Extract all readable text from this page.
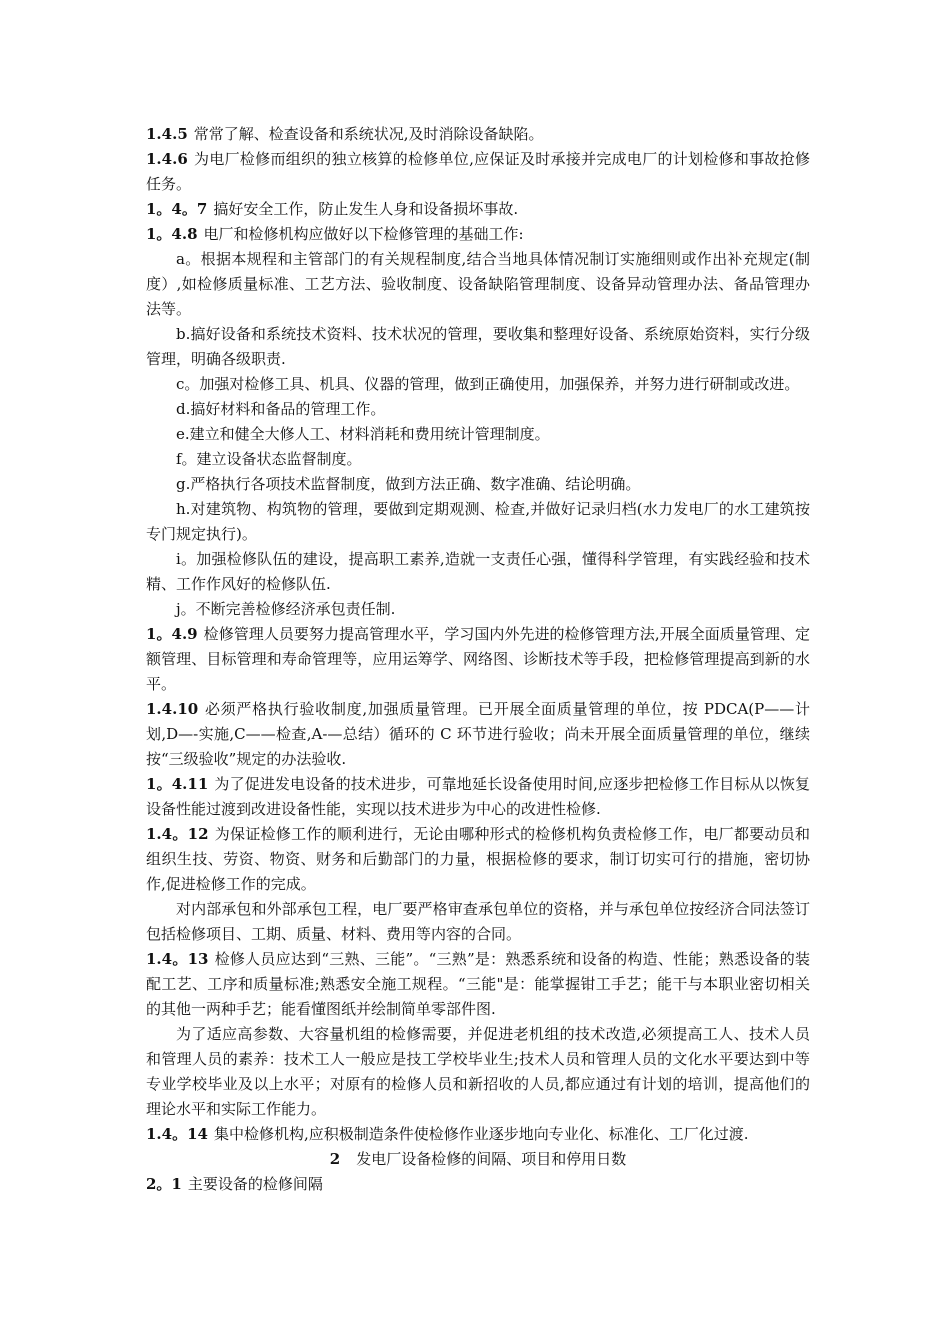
1.4.5 常常了解、检查设备和系统状况,及时消除设备缺陷。

1.4.6 为电厂检修而组织的独立核算的检修单位,应保证及时承接并完成电厂的计划检修和事故抢修任务。

1。4。7 搞好安全工作，防止发生人身和设备损坏事故.

1。4.8 电厂和检修机构应做好以下检修管理的基础工作:

a。根据本规程和主管部门的有关规程制度,结合当地具体情况制订实施细则或作出补充规定(制度）,如检修质量标准、工艺方法、验收制度、设备缺陷管理制度、设备异动管理办法、备品管理办法等。

b.搞好设备和系统技术资料、技术状况的管理，要收集和整理好设备、系统原始资料，实行分级管理，明确各级职责.

c。加强对检修工具、机具、仪器的管理，做到正确使用，加强保养，并努力进行研制或改进。

d.搞好材料和备品的管理工作。

e.建立和健全大修人工、材料消耗和费用统计管理制度。

f。建立设备状态监督制度。

g.严格执行各项技术监督制度，做到方法正确、数字准确、结论明确。

h.对建筑物、构筑物的管理，要做到定期观测、检查,并做好记录归档(水力发电厂的水工建筑按专门规定执行)。

i。加强检修队伍的建设，提高职工素养,造就一支责任心强，懂得科学管理，有实践经验和技术精、工作作风好的检修队伍.

j。不断完善检修经济承包责任制.

1。4.9 检修管理人员要努力提高管理水平，学习国内外先进的检修管理方法,开展全面质量管理、定额管理、目标管理和寿命管理等，应用运筹学、网络图、诊断技术等手段，把检修管理提高到新的水平。

1.4.10 必须严格执行验收制度,加强质量管理。已开展全面质量管理的单位，按 PDCA(P——计划,D—-实施,C——检查,A-—总结）循环的 C 环节进行验收；尚未开展全面质量管理的单位，继续按“三级验收”规定的办法验收.

1。4.11 为了促进发电设备的技术进步，可靠地延长设备使用时间,应逐步把检修工作目标从以恢复设备性能过渡到改进设备性能，实现以技术进步为中心的改进性检修.

1.4。12 为保证检修工作的顺利进行，无论由哪种形式的检修机构负责检修工作，电厂都要动员和组织生技、劳资、物资、财务和后勤部门的力量，根据检修的要求，制订切实可行的措施，密切协作,促进检修工作的完成。

对内部承包和外部承包工程，电厂要严格审查承包单位的资格，并与承包单位按经济合同法签订包括检修项目、工期、质量、材料、费用等内容的合同。

1.4。13 检修人员应达到“三熟、三能”。“三熟”是：熟悉系统和设备的构造、性能；熟悉设备的装配工艺、工序和质量标准;熟悉安全施工规程。“三能"是：能掌握钳工手艺；能干与本职业密切相关的其他一两种手艺；能看懂图纸并绘制简单零部件图.

为了适应高参数、大容量机组的检修需要，并促进老机组的技术改造,必须提高工人、技术人员和管理人员的素养：技术工人一般应是技工学校毕业生;技术人员和管理人员的文化水平要达到中等专业学校毕业及以上水平；对原有的检修人员和新招收的人员,都应通过有计划的培训，提高他们的理论水平和实际工作能力。

1.4。14 集中检修机构,应积极制造条件使检修作业逐步地向专业化、标准化、工厂化过渡.

2 发电厂设备检修的间隔、项目和停用日数

2。1 主要设备的检修间隔
